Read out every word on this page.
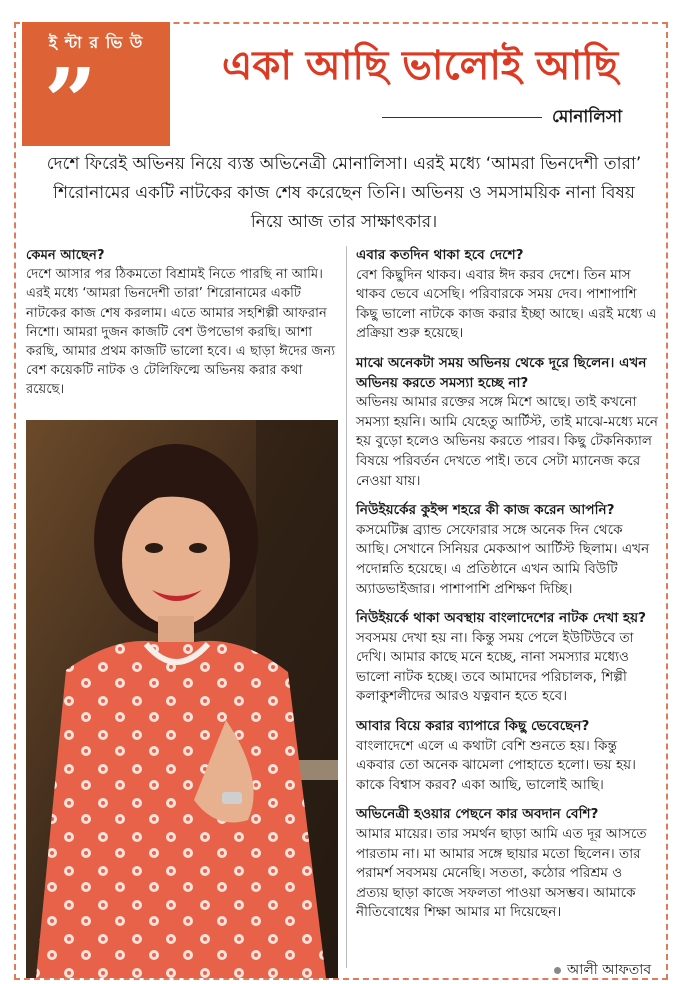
ই ন্টা র ভি উ
”	একা আছি ভালোই আছি
মোনালিসা
দেশে ফিরেই অভিনয় নিয়ে ব্যস্ত অভিনেত্রী মোনালিসা। এরই মধ্যে ‘আমরা ভিনদেশী তারা’ শিরোনামের একটি নাটকের কাজ শেষ করেছেন তিনি। অভিনয় ও সমসাময়িক নানা বিষয় নিয়ে আজ তার সাক্ষাৎকার।

কেমন আছেন?

দেশে আসার পর ঠিকমতো বিশ্রামই নিতে পারছি না আমি। এরই মধ্যে ‘আমরা ভিনদেশী তারা’ শিরোনামের একটি নাটকের কাজ শেষ করলাম। এতে আমার সহশিল্পী আফরান নিশো। আমরা দুজন কাজটি বেশ উপভোগ করছি। আশা করছি, আমার প্রথম কাজটি ভালো হবে। এ ছাড়া ঈদের জন্য বেশ কয়েকটি নাটক ও টেলিফিল্মে অভিনয় করার কথা রয়েছে।

এবার কতদিন থাকা হবে দেশে?

বেশ কিছুদিন থাকব। এবার ঈদ করব দেশে। তিন মাস থাকব ভেবে এসেছি। পরিবারকে সময় দেব। পাশাপাশি কিছু ভালো নাটকে কাজ করার ইচ্ছা আছে। এরই মধ্যে এ প্রক্রিয়া শুরু হয়েছে।

মাঝে অনেকটা সময় অভিনয় থেকে দূরে ছিলেন। এখন অভিনয় করতে সমস্যা হচ্ছে না?

অভিনয় আমার রক্তের সঙ্গে মিশে আছে। তাই কখনো সমস্যা হয়নি। আমি যেহেতু আর্টিস্ট, তাই মাঝে-মধ্যে মনে হয় বুড়ো হলেও অভিনয় করতে পারব। কিছু টেকনিক্যাল বিষয়ে পরিবর্তন দেখতে পাই। তবে সেটা ম্যানেজ করে নেওয়া যায়।

নিউইয়র্কের কুইন্স শহরে কী কাজ করেন আপনি?

কসমেটিক্স ব্র্যান্ড সেফোরার সঙ্গে অনেক দিন থেকে আছি। সেখানে সিনিয়র মেকআপ আর্টিস্ট ছিলাম। এখন পদোন্নতি হয়েছে। এ প্রতিষ্ঠানে এখন আমি বিউটি অ্যাডভাইজার। পাশাপাশি প্রশিক্ষণ দিচ্ছি।

নিউইয়র্কে থাকা অবস্থায় বাংলাদেশের নাটক দেখা হয়?

সবসময় দেখা হয় না। কিন্তু সময় পেলে ইউটিউবে তা দেখি। আমার কাছে মনে হচ্ছে, নানা সমস্যার মধ্যেও ভালো নাটক হচ্ছে। তবে আমাদের পরিচালক, শিল্পী কলাকুশলীদের আরও যত্নবান হতে হবে।

আবার বিয়ে করার ব্যাপারে কিছু ভেবেছেন?

বাংলাদেশে এলে এ কথাটা বেশি শুনতে হয়। কিন্তু একবার তো অনেক ঝামেলা পোহাতে হলো। ভয় হয়। কাকে বিশ্বাস করব? একা আছি, ভালোই আছি।

অভিনেত্রী হওয়ার পেছনে কার অবদান বেশি?

আমার মায়ের। তার সমর্থন ছাড়া আমি এত দূর আসতে পারতাম না। মা আমার সঙ্গে ছায়ার মতো ছিলেন। তার পরামর্শ সবসময় মেনেছি। সততা, কঠোর পরিশ্রম ও প্রত্যয় ছাড়া কাজে সফলতা পাওয়া অসম্ভব। আমাকে নীতিবোধের শিক্ষা আমার মা দিয়েছেন।

আলী আফতাব
